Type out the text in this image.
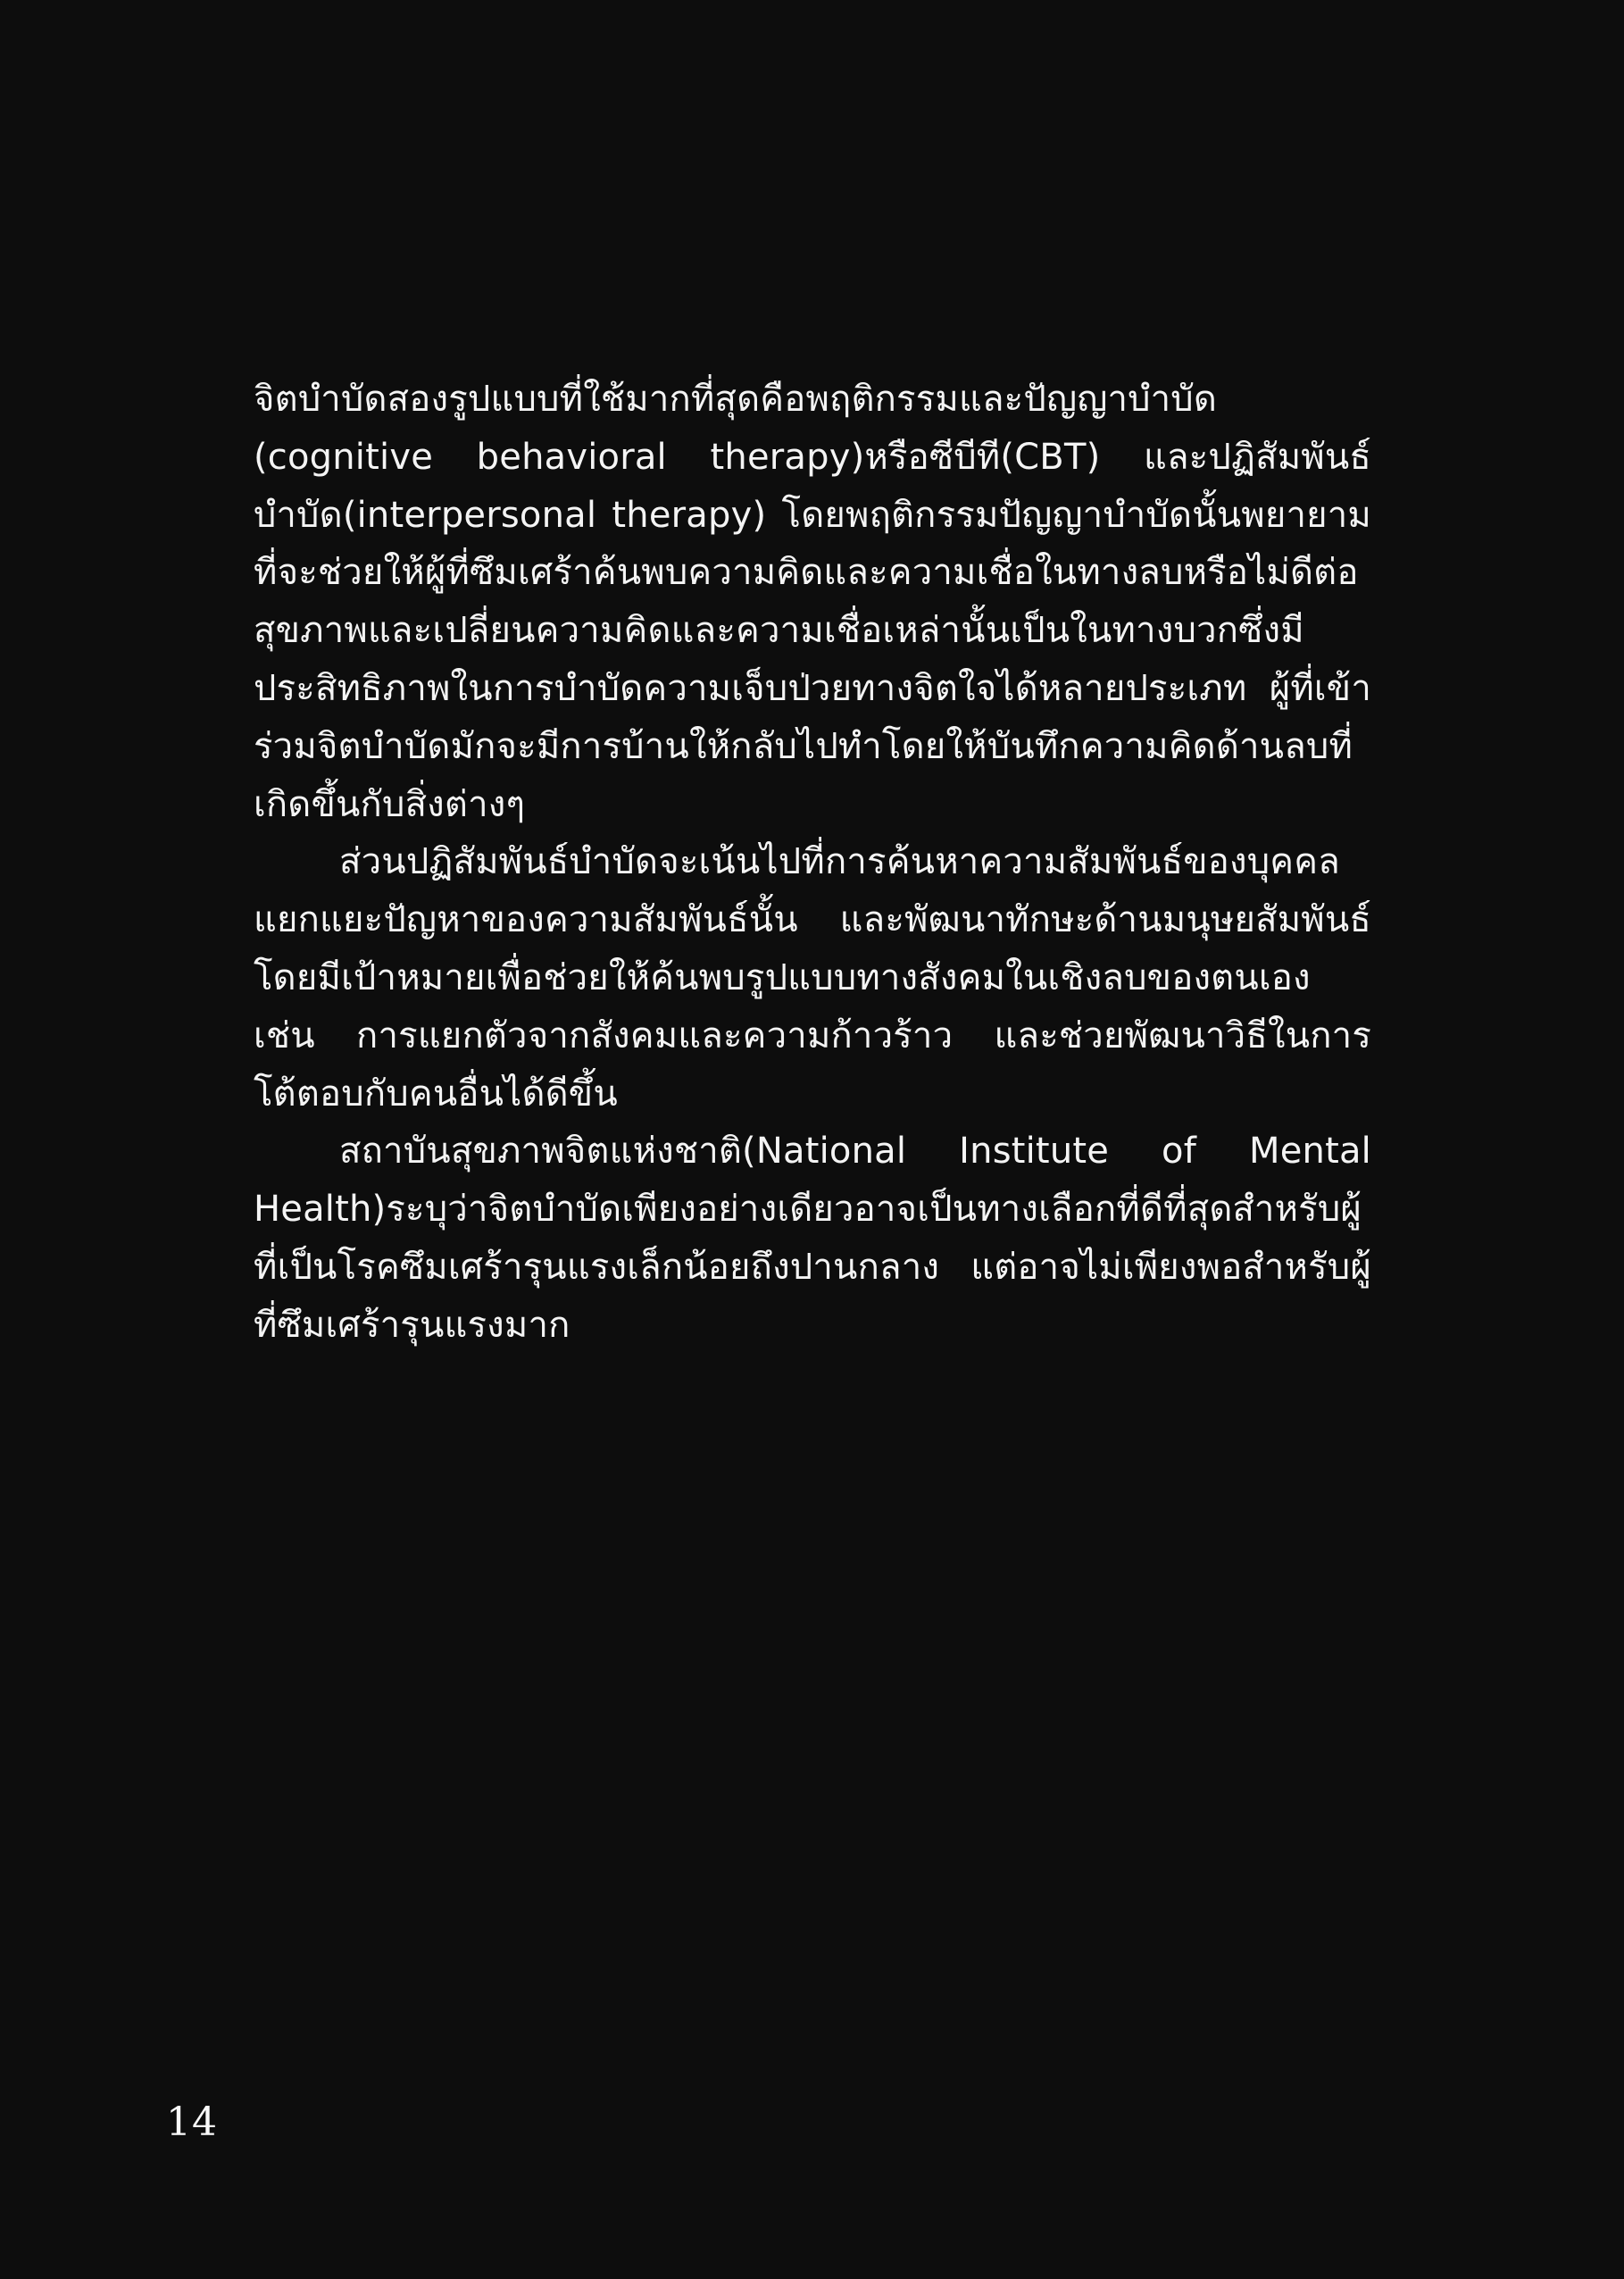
จิตบำบัดสองรูปแบบที่ใช้มากที่สุดคือพฤติกรรมและปัญญาบำบัด (cognitive behavioral therapy)หรือซีบีที(CBT) และปฏิสัมพันธ์บำบัด(interpersonal therapy) โดยพฤติกรรมปัญญาบำบัดนั้นพยายามที่จะช่วยให้ผู้ที่ซึมเศร้าค้นพบความคิดและความเชื่อในทางลบหรือไม่ดีต่อสุขภาพและเปลี่ยนความคิดและความเชื่อเหล่านั้นเป็นในทางบวกซึ่งมีประสิทธิภาพในการบำบัดความเจ็บป่วยทางจิตใจได้หลายประเภท ผู้ที่เข้าร่วมจิตบำบัดมักจะมีการบ้านให้กลับไปทำโดยให้บันทึกความคิดด้านลบที่เกิดขึ้นกับสิ่งต่างๆ

ส่วนปฏิสัมพันธ์บำบัดจะเน้นไปที่การค้นหาความสัมพันธ์ของบุคคล แยกแยะปัญหาของความสัมพันธ์นั้น และพัฒนาทักษะด้านมนุษยสัมพันธ์ โดยมีเป้าหมายเพื่อช่วยให้ค้นพบรูปแบบทางสังคมในเชิงลบของตนเอง เช่น การแยกตัวจากสังคมและความก้าวร้าว และช่วยพัฒนาวิธีในการโต้ตอบกับคนอื่นได้ดีขึ้น

สถาบันสุขภาพจิตแห่งชาติ(National Institute of Mental Health)ระบุว่าจิตบำบัดเพียงอย่างเดียวอาจเป็นทางเลือกที่ดีที่สุดสำหรับผู้ที่เป็นโรคซึมเศร้ารุนแรงเล็กน้อยถึงปานกลาง แต่อาจไม่เพียงพอสำหรับผู้ที่ซึมเศร้ารุนแรงมาก

14
